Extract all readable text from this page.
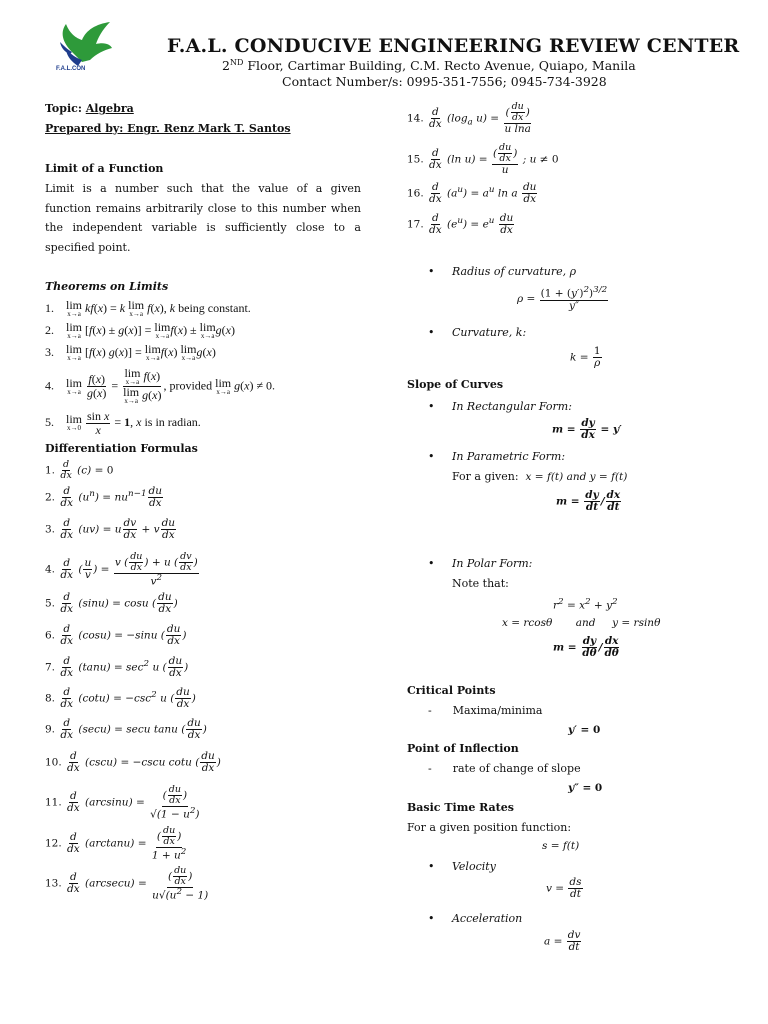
F.A.L.CON
F.A.L. CONDUCIVE ENGINEERING REVIEW CENTER
2ND Floor, Cartimar Building, C.M. Recto Avenue, Quiapo, Manila
Contact Number/s: 0995-351-7556; 0945-734-3928
Topic: Algebra
Prepared by: Engr. Renz Mark T. Santos
Limit of a Function
Limit is a number such that the value of a given function remains arbitrarily close to this number when the independent variable is sufficiently close to a specified point.
Theorems on Limits
1. lim
x→a kf(x) = k lim
x→a f(x), k being constant.
2. lim
x→a [f(x) ± g(x)] = lim
x→a f(x) ± lim
x→a g(x)
3. lim
x→a [f(x) g(x)] = lim
x→a f(x) lim
x→a g(x)
4. lim
x→a
$\frac{f(x)}{g(x)} = \lim$
x→a f(x)
lim
x→a g(x) , provided lim
x→a g(x) ≠ 0.
5. lim
x→0
$\frac{\text{sin x}}{x} = 1$, x is in radian.
Differentiation Formulas
1. $\frac{d}{dx} (c) = 0$
2. $\frac{d}{dx} (u^n) = nu^{n-1} \frac{du}{dx}$
3. $\frac{d}{dx} (uv) = u \frac{dv}{dx} + v \frac{du}{dx}$
4. $\frac{d}{dx}$ ( $\frac{u}{v}$ ) = $\frac{v ( \frac{du}{dx} ) + u ( \frac{dv}{dx} )}{v^2}$
5. $\frac{d}{dx} (\sin u) = \cos u$ ( $\frac{du}{dx}$ )
6. $\frac{d}{dx} (\cos u) = -\sin u$ ( $\frac{du}{dx}$ )
7. $\frac{d}{dx} (\tan u) = \sec^2 u$ ( $\frac{du}{dx}$ )
8. $\frac{d}{dx} (\cot u) = -\csc^2$ u ( $\frac{du}{dx}$ )
9. $\frac{d}{dx} (\sec u) = \sec u$ tanu ( $\frac{du}{dx}$ )
10. $\frac{d}{dx} (\csc u) = -\csc u$ cotu ( $\frac{du}{dx}$ )
11. $\frac{d}{dx} (\arcsin u) = \frac{( \frac{du}{dx} )}{√(1 - u^2)}$
12. $\frac{d}{dx} (\arctan u) = \frac{( \frac{du}{dx} )}{1 + u^2}$
13. $\frac{d}{dx} (arcsecu) = \frac{( \frac{du}{dx} )}{u√(u^2 - 1)}$
14. $\frac{d}{dx} (\log_a$ $u) = \frac{( \frac{du}{dx} )}{\text{u lna}}$
15. $\frac{d}{dx} (\ln$ $u) = \frac{( \frac{du}{dx} )}{u}$ ; u ≠ 0
16. $\frac{d}{dx} (a^u) = a^u$ ln a $\frac{du}{dx}$
17. $\frac{d}{dx} (e^u) = e^u \frac{du}{dx}$
•     Radius of curvature, ρ
$\rho = \frac{(1 + (y')^2)^{3/2}}{y''}$
•     Curvature, k:
$k = \frac{1}{\rho}$
Slope of Curves
•     In Rectangular Form:
$m = \frac{dy}{dx} = y'$
•     In Parametric Form:
For a given: x = f(t) and y = f(t)
$m = \frac{dy}{dt} / \frac{dx}{dt}$
•     In Polar Form:
Note that:
$r^2 = x^2 + y^2$
x = rcosθ       and     y = rsinθ
$m = \frac{dy}{d\theta} / \frac{dx}{d\theta}$
Critical Points
-      Maxima/minima
y′ = 0
Point of Inflection
-      rate of change of slope
y″ = 0
Basic Time Rates
For a given position function:
s = f(t)
•     Velocity
$v = \frac{ds}{dt}$
•     Acceleration
$a = \frac{dv}{dt}$
